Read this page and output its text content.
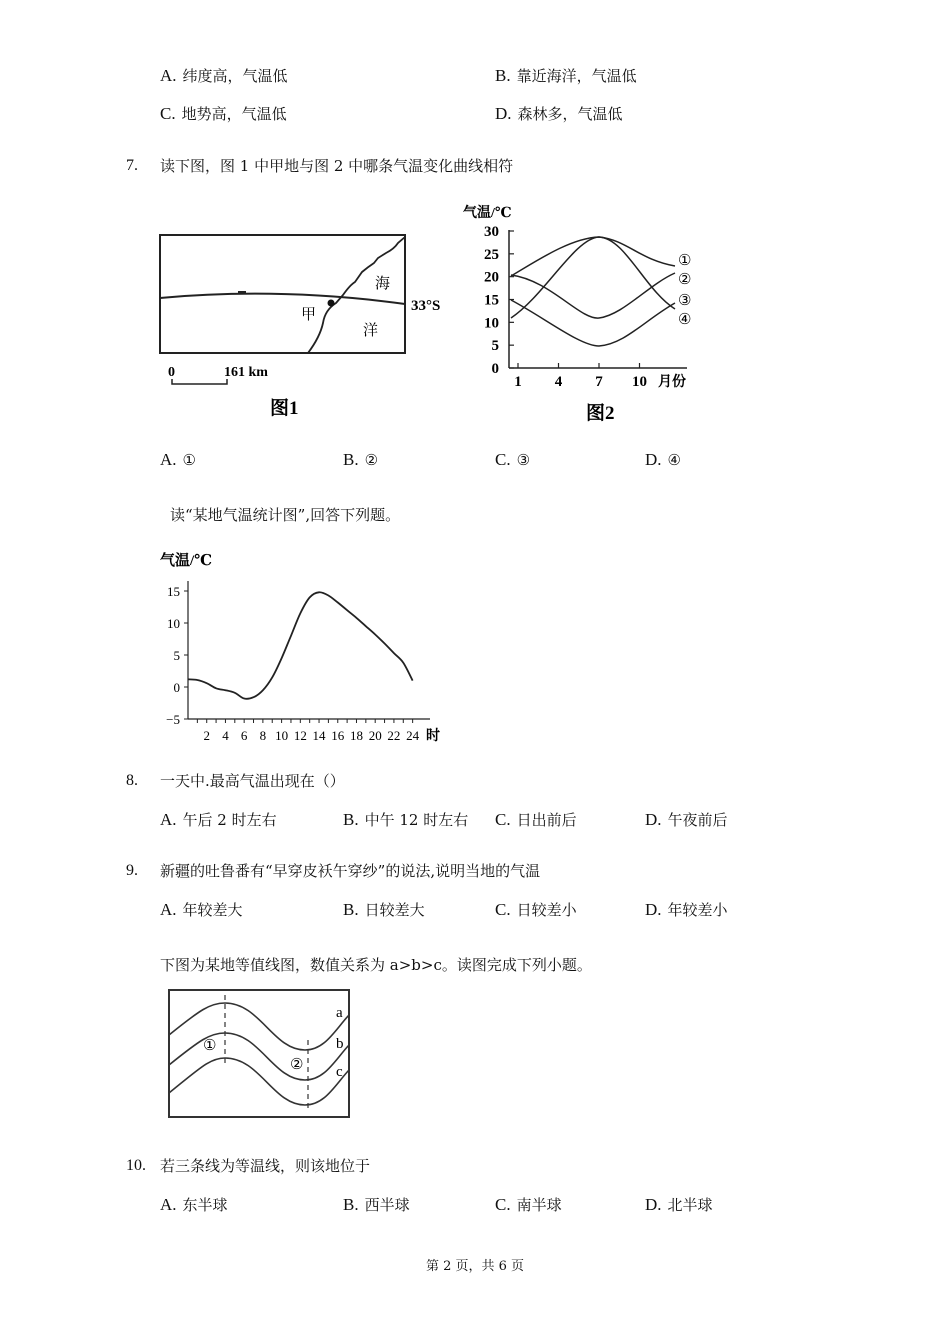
A. 纬度高，气温低	B. 靠近海洋，气温低
C. 地势高，气温低	D. 森林多，气温低
7. 读下图，图 1 中甲地与图 2 中哪条气温变化曲线相符
海
洋
甲
33°S
0	161 km
图1
气温/℃
30
25
20
15
10
5
0
1 4 7 10
①
②
③
④
月份
图2
A. ①	B. ②	C. ③	D. ④
读“某地气温统计图”,回答下列题。
气温/℃
15
10
5
0
−5
2 4 6 8 10 12 14 16 18 20 22 24 时
8. 一天中.最高气温出现在（）
A. 午后 2 时左右	B. 中午 12 时左右 C. 日出前后	D. 午夜前后
9. 新疆的吐鲁番有“早穿皮袄午穿纱”的说法,说明当地的气温
A. 年较差大	B. 日较差大	C. 日较差小	D. 年较差小
下图为某地等值线图，数值关系为 a>b>c。读图完成下列小题。
a
b
c
①
②
10. 若三条线为等温线，则该地位于
A. 东半球	B. 西半球	C. 南半球	D. 北半球
第 2 页，共 6 页
